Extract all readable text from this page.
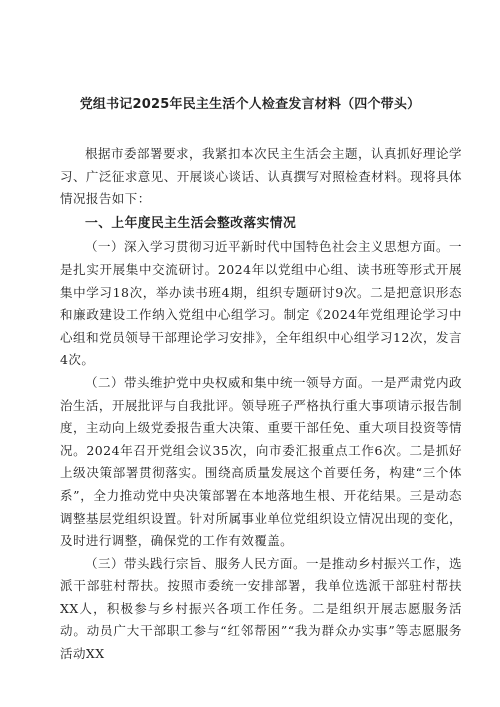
党组书记2025年民主生活个人检查发言材料（四个带头）

根据市委部署要求，我紧扣本次民主生活会主题，认真抓好理论学习、广泛征求意见、开展谈心谈话、认真撰写对照检查材料。现将具体情况报告如下：

一、上年度民主生活会整改落实情况

（一）深入学习贯彻习近平新时代中国特色社会主义思想方面。一是扎实开展集中交流研讨。2024年以党组中心组、读书班等形式开展集中学习18次，举办读书班4期，组织专题研讨9次。二是把意识形态和廉政建设工作纳入党组中心组学习。制定《2024年党组理论学习中心组和党员领导干部理论学习安排》，全年组织中心组学习12次，发言4次。

（二）带头维护党中央权威和集中统一领导方面。一是严肃党内政治生活，开展批评与自我批评。领导班子严格执行重大事项请示报告制度，主动向上级党委报告重大决策、重要干部任免、重大项目投资等情况。2024年召开党组会议35次，向市委汇报重点工作6次。二是抓好上级决策部署贯彻落实。围绕高质量发展这个首要任务，构建“三个体系”，全力推动党中央决策部署在本地落地生根、开花结果。三是动态调整基层党组织设置。针对所属事业单位党组织设立情况出现的变化，及时进行调整，确保党的工作有效覆盖。

（三）带头践行宗旨、服务人民方面。一是推动乡村振兴工作，选派干部驻村帮扶。按照市委统一安排部署，我单位选派干部驻村帮扶XX人，积极参与乡村振兴各项工作任务。二是组织开展志愿服务活动。动员广大干部职工参与“红邻帮困”“我为群众办实事”等志愿服务活动XX
